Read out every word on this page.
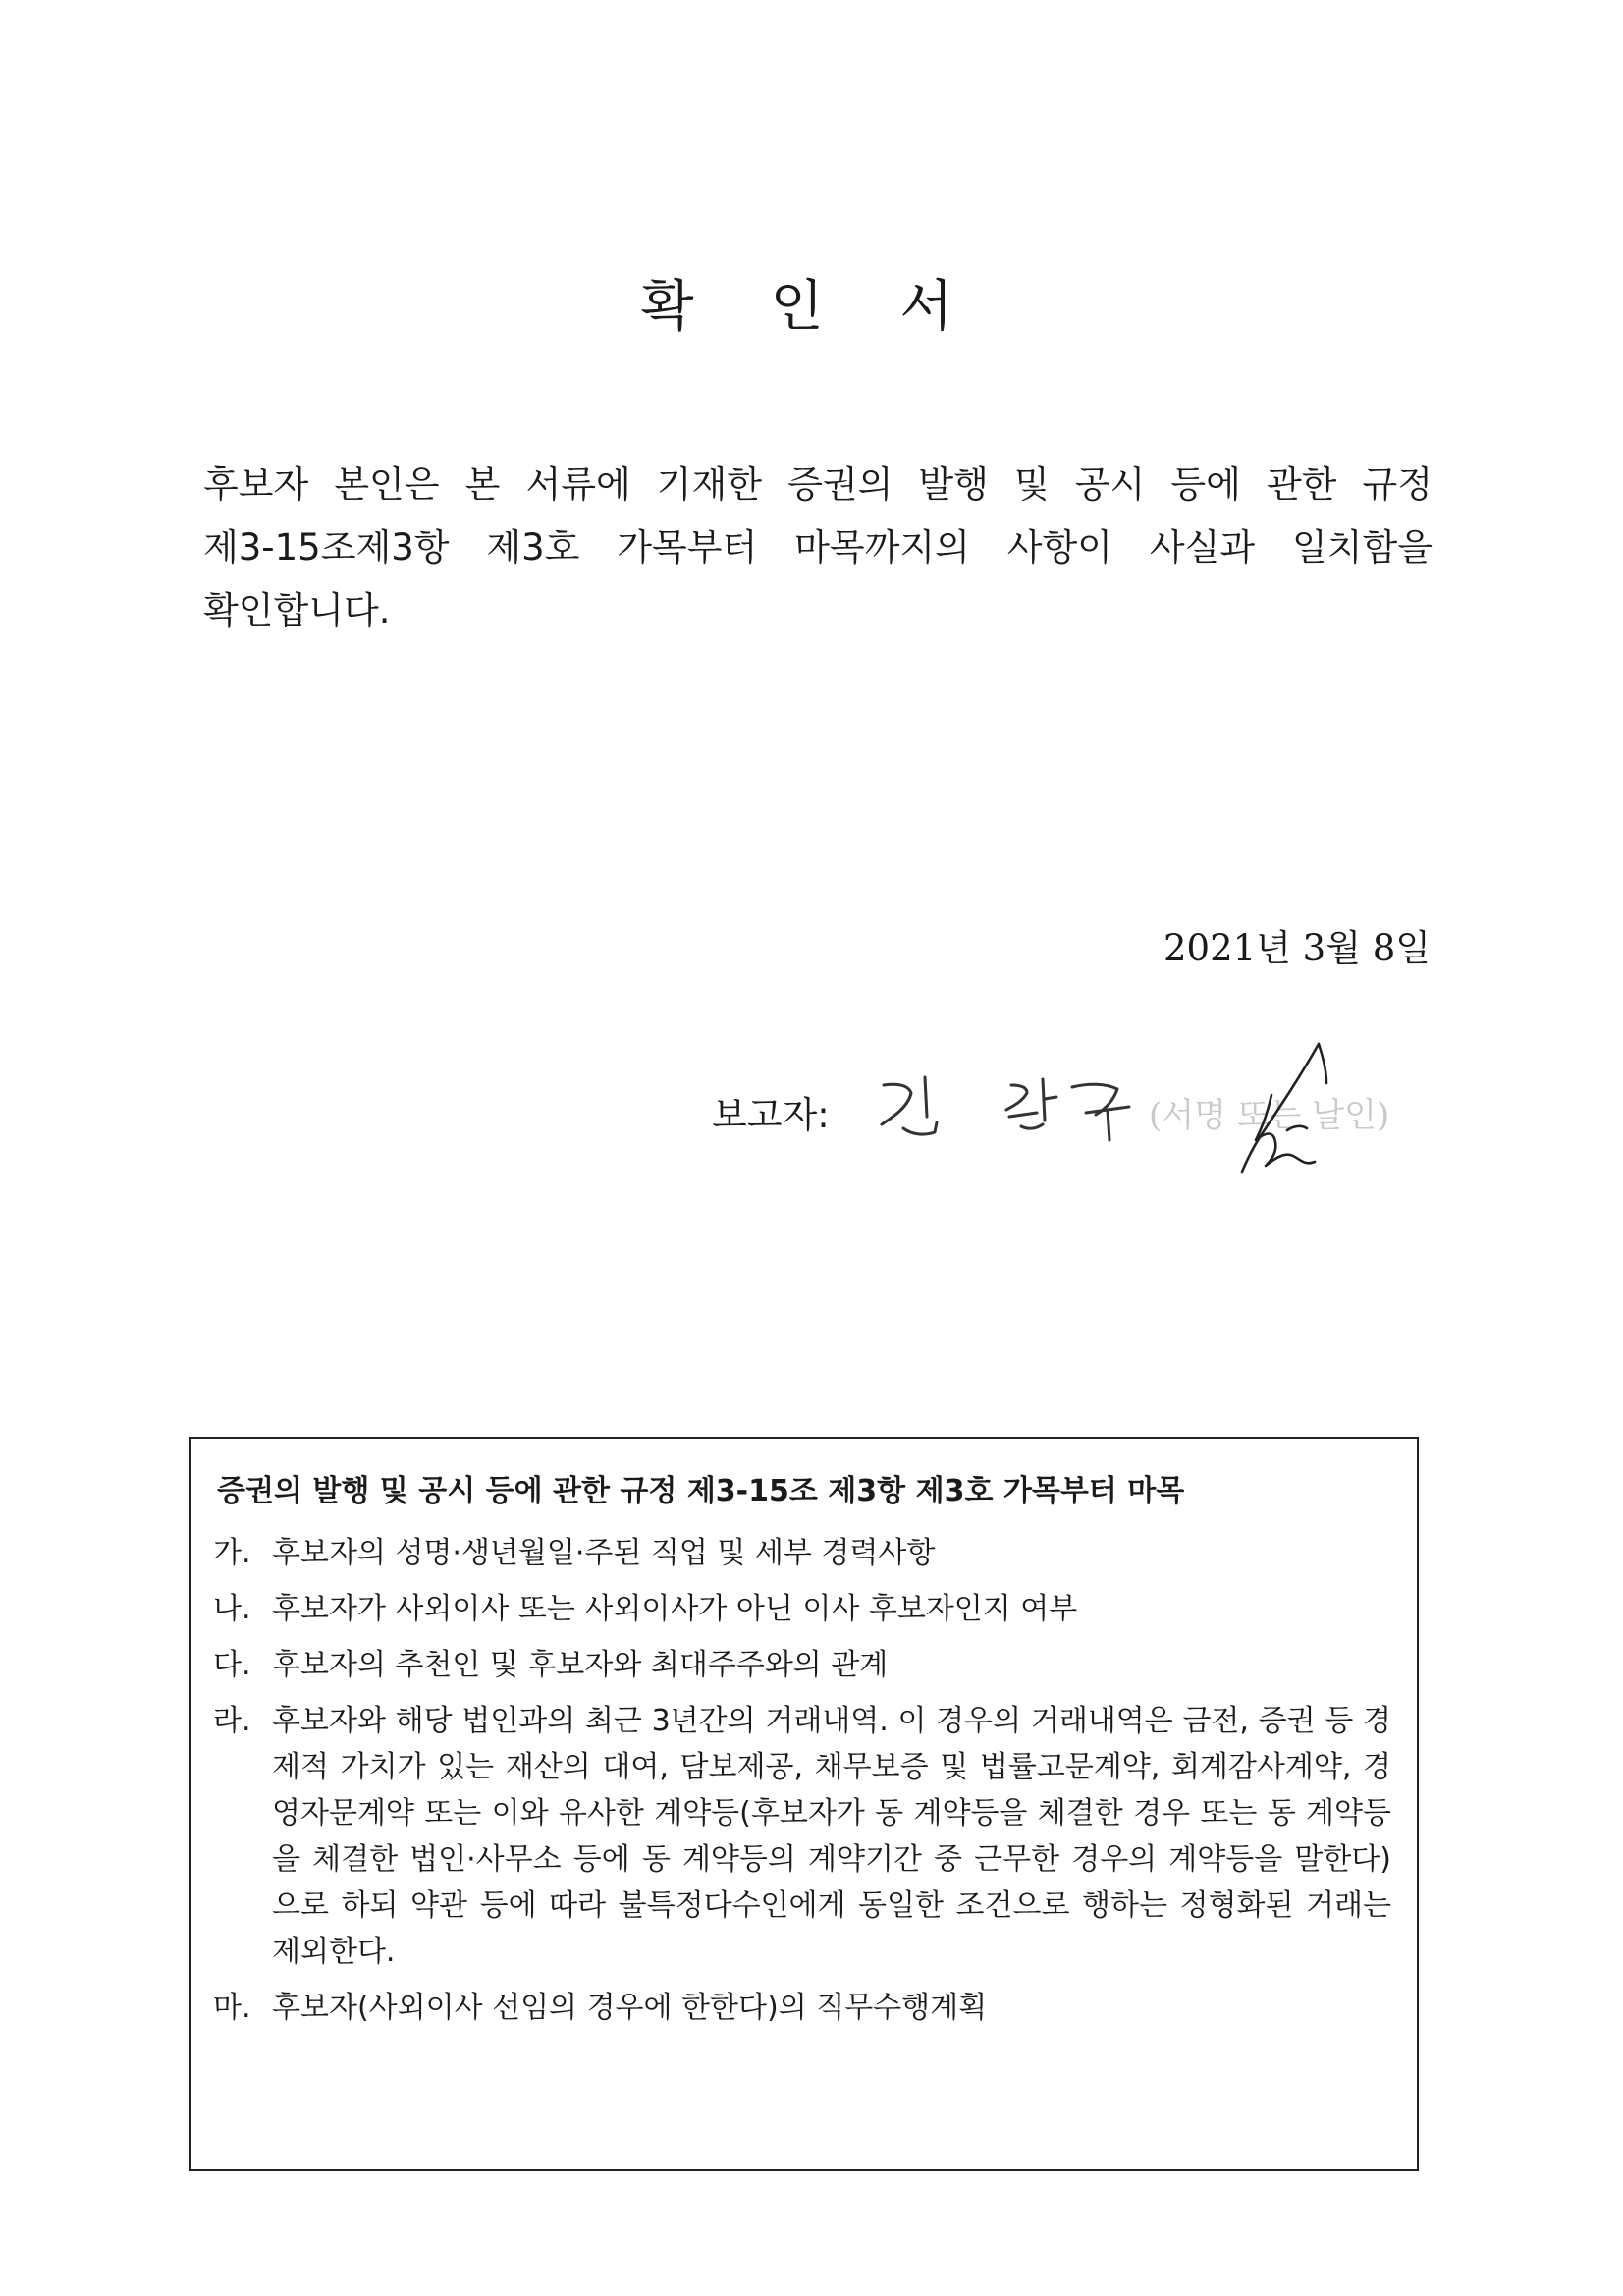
확 인 서
후보자 본인은 본 서류에 기재한 증권의 발행 및 공시 등에 관한 규정
제3-15조제3항 제3호 가목부터 마목까지의 사항이 사실과 일치함을
확인합니다.
2021년 3월 8일
보고자:	(서명 또는 날인)
증권의 발행 및 공시 등에 관한 규정 제3-15조 제3항 제3호 가목부터 마목
가. 후보자의 성명·생년월일·주된 직업 및 세부 경력사항
나. 후보자가 사외이사 또는 사외이사가 아닌 이사 후보자인지 여부
다. 후보자의 추천인 및 후보자와 최대주주와의 관계
라. 후보자와 해당 법인과의 최근 3년간의 거래내역. 이 경우의 거래내역은 금전, 증권 등 경제적 가치가 있는 재산의 대여, 담보제공, 채무보증 및 법률고문계약, 회계감사계약, 경영자문계약 또는 이와 유사한 계약등(후보자가 동 계약등을 체결한 경우 또는 동 계약등을 체결한 법인·사무소 등에 동 계약등의 계약기간 중 근무한 경우의 계약등을 말한다)으로 하되 약관 등에 따라 불특정다수인에게 동일한 조건으로 행하는 정형화된 거래는 제외한다.
마. 후보자(사외이사 선임의 경우에 한한다)의 직무수행계획
